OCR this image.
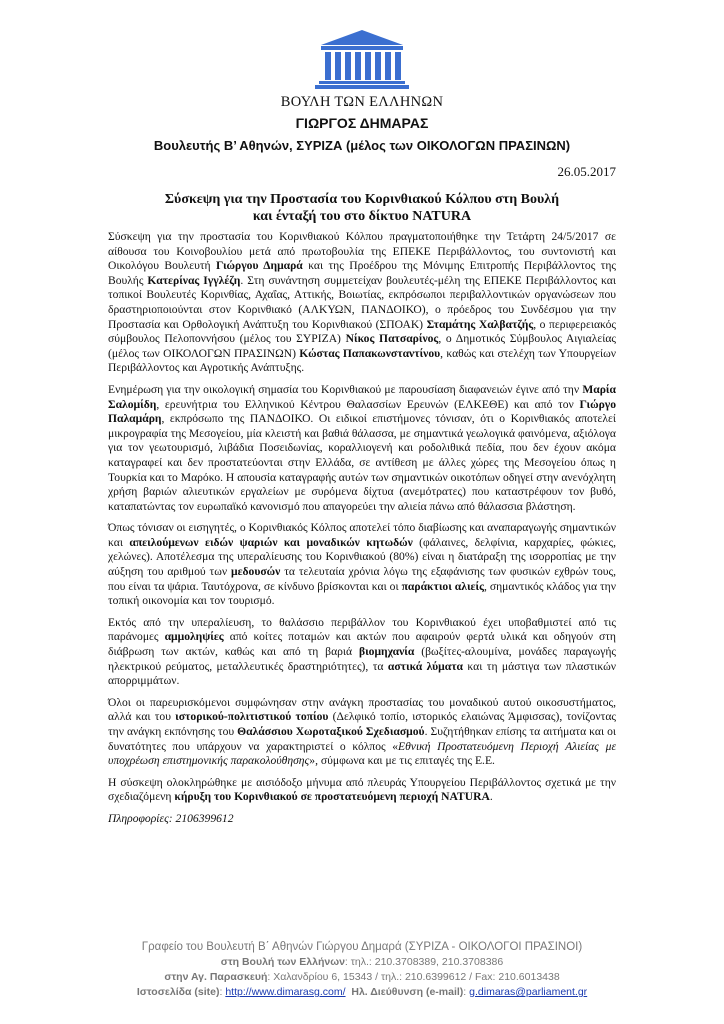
ΒΟΥΛΗ ΤΩΝ ΕΛΛΗΝΩΝ
ΓΙΩΡΓΟΣ ΔΗΜΑΡΑΣ
Βουλευτής Β’ Αθηνών, ΣΥΡΙΖΑ (μέλος των ΟΙΚΟΛΟΓΩΝ ΠΡΑΣΙΝΩΝ)
26.05.2017
Σύσκεψη για την Προστασία του Κορινθιακού Κόλπου στη Βουλή
και ένταξή του στο δίκτυο NATURA

Σύσκεψη για την προστασία του Κορινθιακού Κόλπου πραγματοποιήθηκε την Τετάρτη 24/5/2017 σε αίθουσα του Κοινοβουλίου μετά από πρωτοβουλία της ΕΠΕΚΕ Περιβάλλοντος, του συντονιστή και Οικολόγου Βουλευτή Γιώργου Δημαρά και της Προέδρου της Μόνιμης Επιτροπής Περιβάλλοντος της Βουλής Κατερίνας Ιγγλέζη. Στη συνάντηση συμμετείχαν βουλευτές-μέλη της ΕΠΕΚΕ Περιβάλλοντος και τοπικοί Βουλευτές Κορινθίας, Αχαΐας, Αττικής, Βοιωτίας, εκπρόσωποι περιβαλλοντικών οργανώσεων που δραστηριοποιούνται στον Κορινθιακό (ΑΛΚΥΩΝ, ΠΑΝΔΟΙΚΟ), ο πρόεδρος του Συνδέσμου για την Προστασία και Ορθολογική Ανάπτυξη του Κορινθιακού (ΣΠΟΑΚ) Σταμάτης Χαλβατζής, ο περιφερειακός σύμβουλος Πελοποννήσου (μέλος του ΣΥΡΙΖΑ) Νίκος Πατσαρίνος, ο Δημοτικός Σύμβουλος Αιγιαλείας (μέλος των ΟΙΚΟΛΟΓΩΝ ΠΡΑΣΙΝΩΝ) Κώστας Παπακωνσταντίνου, καθώς και στελέχη των Υπουργείων Περιβάλλοντος και Αγροτικής Ανάπτυξης.

Ενημέρωση για την οικολογική σημασία του Κορινθιακού με παρουσίαση διαφανειών έγινε από την Μαρία Σαλομίδη, ερευνήτρια του Ελληνικού Κέντρου Θαλασσίων Ερευνών (ΕΛΚΕΘΕ) και από τον Γιώργο Παλαμάρη, εκπρόσωπο της ΠΑΝΔΟΙΚΟ. Οι ειδικοί επιστήμονες τόνισαν, ότι ο Κορινθιακός αποτελεί μικρογραφία της Μεσογείου, μία κλειστή και βαθιά θάλασσα, με σημαντικά γεωλογικά φαινόμενα, αξιόλογα για τον γεωτουρισμό, λιβάδια Ποσειδωνίας, κοραλλιογενή και ροδολιθικά πεδία, που δεν έχουν ακόμα καταγραφεί και δεν προστατεύονται στην Ελλάδα, σε αντίθεση με άλλες χώρες της Μεσογείου όπως η Τουρκία και το Μαρόκο. Η απουσία καταγραφής αυτών των σημαντικών οικοτόπων οδηγεί στην ανενόχλητη χρήση βαριών αλιευτικών εργαλείων με συρόμενα δίχτυα (ανεμότρατες) που καταστρέφουν τον βυθό, καταπατώντας τον ευρωπαϊκό κανονισμό που απαγορεύει την αλιεία πάνω από θάλασσια βλάστηση.

Όπως τόνισαν οι εισηγητές, ο Κορινθιακός Κόλπος αποτελεί τόπο διαβίωσης και αναπαραγωγής σημαντικών και απειλούμενων ειδών ψαριών και μοναδικών κητωδών (φάλαινες, δελφίνια, καρχαρίες, φώκιες, χελώνες). Αποτέλεσμα της υπεραλίευσης του Κορινθιακού (80%) είναι η διατάραξη της ισορροπίας με την αύξηση του αριθμού των μεδουσών τα τελευταία χρόνια λόγω της εξαφάνισης των φυσικών εχθρών τους, που είναι τα ψάρια. Ταυτόχρονα, σε κίνδυνο βρίσκονται και οι παράκτιοι αλιείς, σημαντικός κλάδος για την τοπική οικονομία και τον τουρισμό.

Εκτός από την υπεραλίευση, το θαλάσσιο περιβάλλον του Κορινθιακού έχει υποβαθμιστεί από τις παράνομες αμμοληψίες από κοίτες ποταμών και ακτών που αφαιρούν φερτά υλικά και οδηγούν στη διάβρωση των ακτών, καθώς και από τη βαριά βιομηχανία (βωξίτες-αλουμίνα, μονάδες παραγωγής ηλεκτρικού ρεύματος, μεταλλευτικές δραστηριότητες), τα αστικά λύματα και τη μάστιγα των πλαστικών απορριμμάτων.

Όλοι οι παρευρισκόμενοι συμφώνησαν στην ανάγκη προστασίας του μοναδικού αυτού οικοσυστήματος, αλλά και του ιστορικού-πολιτιστικού τοπίου (Δελφικό τοπίο, ιστορικός ελαιώνας Άμφισσας), τονίζοντας την ανάγκη εκπόνησης του Θαλάσσιου Χωροταξικού Σχεδιασμού. Συζητήθηκαν επίσης τα αιτήματα και οι δυνατότητες που υπάρχουν να χαρακτηριστεί ο κόλπος «Εθνική Προστατευόμενη Περιοχή Αλιείας με υποχρέωση επιστημονικής παρακολούθησης», σύμφωνα και με τις επιταγές της Ε.Ε.

Η σύσκεψη ολοκληρώθηκε με αισιόδοξο μήνυμα από πλευράς Υπουργείου Περιβάλλοντος σχετικά με την σχεδιαζόμενη κήρυξη του Κορινθιακού σε προστατευόμενη περιοχή NATURA.

Πληροφορίες: 2106399612

Γραφείο του Βουλευτή Β΄ Αθηνών Γιώργου Δημαρά (ΣΥΡΙΖΑ - ΟΙΚΟΛΟΓΟΙ ΠΡΑΣΙΝΟΙ)
στη Βουλή των Ελλήνων: τηλ.: 210.3708389, 210.3708386
στην Αγ. Παρασκευή: Χαλανδρίου 6, 15343 / τηλ.: 210.6399612 / Fax: 210.6013438
Ιστοσελίδα (site): http://www.dimarasg.com/  Ηλ. Διεύθυνση (e-mail): g.dimaras@parliament.gr
